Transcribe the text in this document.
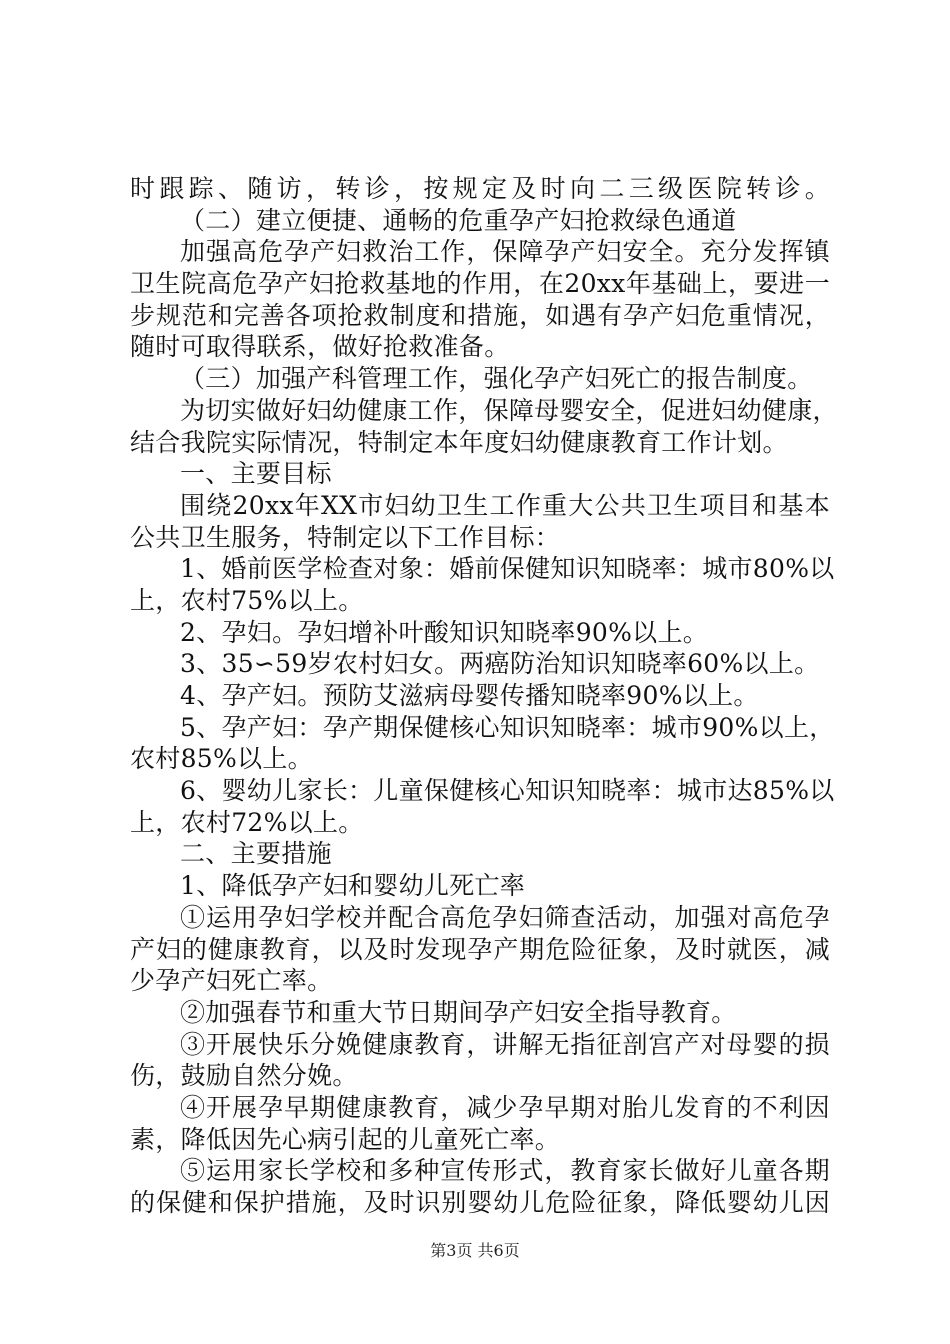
时跟踪、随访，转诊，按规定及时向二三级医院转诊。
（二）建立便捷、通畅的危重孕产妇抢救绿色通道
加强高危孕产妇救治工作，保障孕产妇安全。充分发挥镇
卫生院高危孕产妇抢救基地的作用，在20xx年基础上，要进一
步规范和完善各项抢救制度和措施，如遇有孕产妇危重情况，
随时可取得联系，做好抢救准备。
（三）加强产科管理工作，强化孕产妇死亡的报告制度。
为切实做好妇幼健康工作，保障母婴安全，促进妇幼健康，
结合我院实际情况，特制定本年度妇幼健康教育工作计划。
一、主要目标
围绕20xx年XX市妇幼卫生工作重大公共卫生项目和基本
公共卫生服务，特制定以下工作目标：
1、婚前医学检查对象：婚前保健知识知晓率：城市80%以
上，农村75%以上。
2、孕妇。孕妇增补叶酸知识知晓率90%以上。
3、35∽59岁农村妇女。两癌防治知识知晓率60%以上。
4、孕产妇。预防艾滋病母婴传播知晓率90%以上。
5、孕产妇：孕产期保健核心知识知晓率：城市90%以上，
农村85%以上。
6、婴幼儿家长：儿童保健核心知识知晓率：城市达85%以
上，农村72%以上。
二、主要措施
1、降低孕产妇和婴幼儿死亡率
①运用孕妇学校并配合高危孕妇筛查活动，加强对高危孕
产妇的健康教育，以及时发现孕产期危险征象，及时就医，减
少孕产妇死亡率。
②加强春节和重大节日期间孕产妇安全指导教育。
③开展快乐分娩健康教育，讲解无指征剖宫产对母婴的损
伤，鼓励自然分娩。
④开展孕早期健康教育，减少孕早期对胎儿发育的不利因
素，降低因先心病引起的儿童死亡率。
⑤运用家长学校和多种宣传形式，教育家长做好儿童各期
的保健和保护措施，及时识别婴幼儿危险征象，降低婴幼儿因
第3页 共6页
